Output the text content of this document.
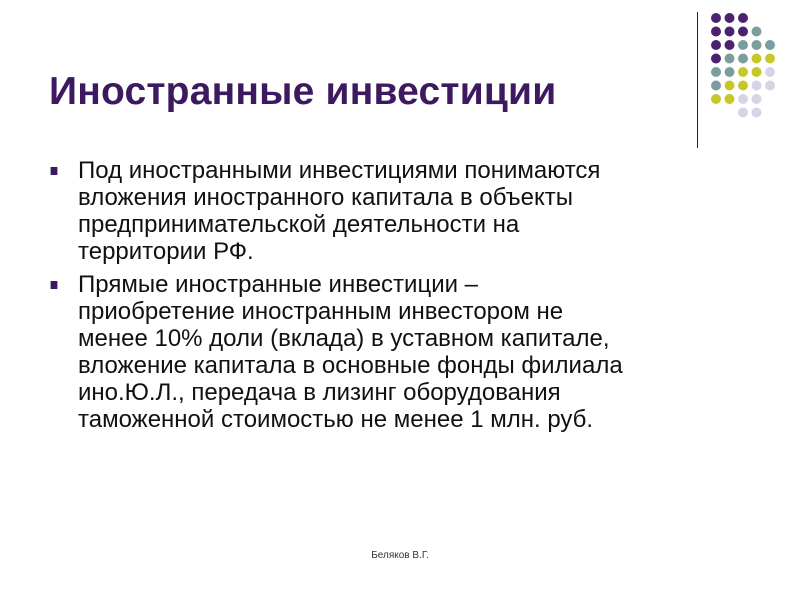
Иностранные инвестиции
Под иностранными инвестициями понимаются
вложения иностранного капитала в объекты
предпринимательской деятельности на
территории РФ.
Прямые иностранные инвестиции –
приобретение иностранным инвестором не
менее 10% доли (вклада) в уставном капитале,
вложение капитала в основные фонды филиала
ино.Ю.Л., передача в лизинг оборудования
таможенной стоимостью не менее 1 млн. руб.
Беляков В.Г.
